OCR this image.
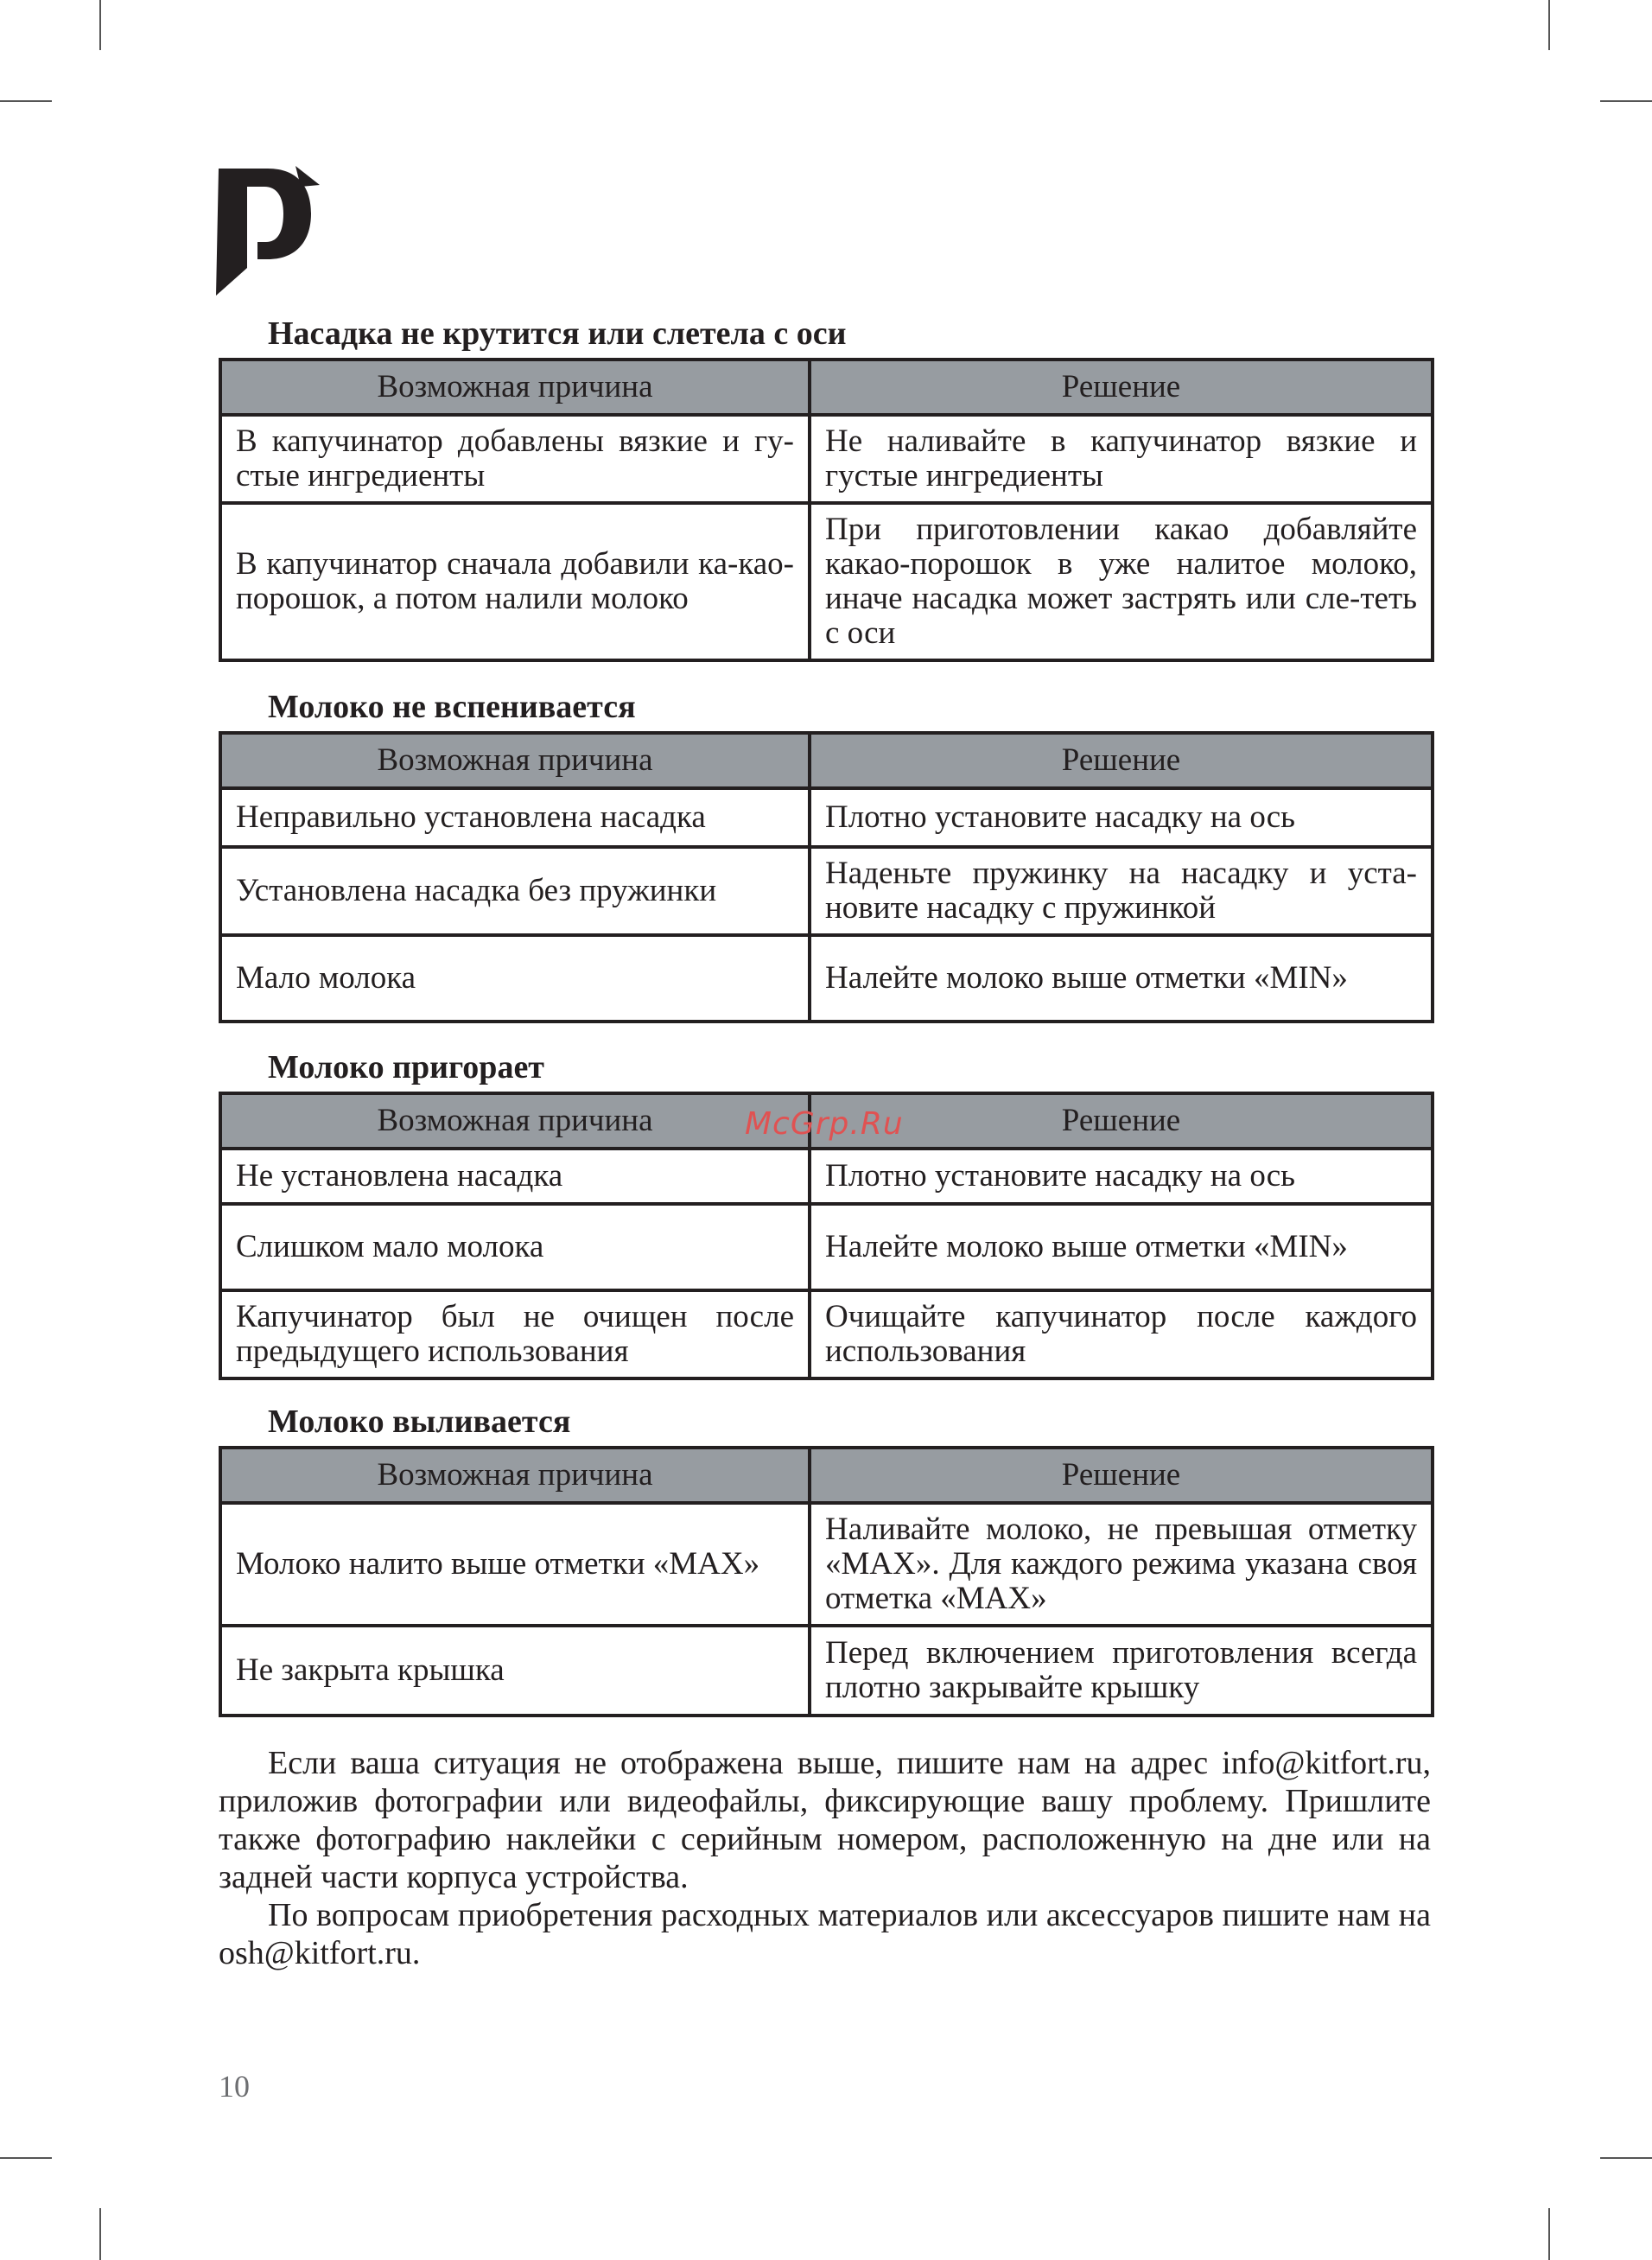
Насадка не крутится или слетела с оси
Возможная причина	Решение
В капучинатор добавлены вязкие и гу-стые ингредиенты	Не наливайте в капучинатор вязкие и густые ингредиенты
В капучинатор сначала добавили ка-као-порошок, а потом налили молоко	При приготовлении какао добавляйте какао-порошок в уже налитое молоко, иначе насадка может застрять или сле-теть с оси
Молоко не вспенивается
Возможная причина	Решение
Неправильно установлена насадка	Плотно установите насадку на ось
Установлена насадка без пружинки	Наденьте пружинку на насадку и уста-новите насадку с пружинкой
Мало молока	Налейте молоко выше отметки «MIN»
Молоко пригорает
Возможная причина	Решение
Не установлена насадка	Плотно установите насадку на ось
Слишком мало молока	Налейте молоко выше отметки «MIN»
Капучинатор был не очищен после предыдущего использования	Очищайте капучинатор после каждого использования
Молоко выливается
Возможная причина	Решение
Молоко налито выше отметки «MAX»	Наливайте молоко, не превышая отметку «MAX». Для каждого режима указана своя отметка «MAX»
Не закрыта крышка	Перед включением приготовления всегда плотно закрывайте крышку
McGrp.Ru

Если ваша ситуация не отображена выше, пишите нам на адрес info@kitfort.ru, приложив фотографии или видеофайлы, фиксирующие вашу проблему. Пришлите также фотографию наклейки с серийным номером, расположенную на дне или на задней части корпуса устройства.

По вопросам приобретения расходных материалов или аксессуаров пишите нам на osh@kitfort.ru.

10
